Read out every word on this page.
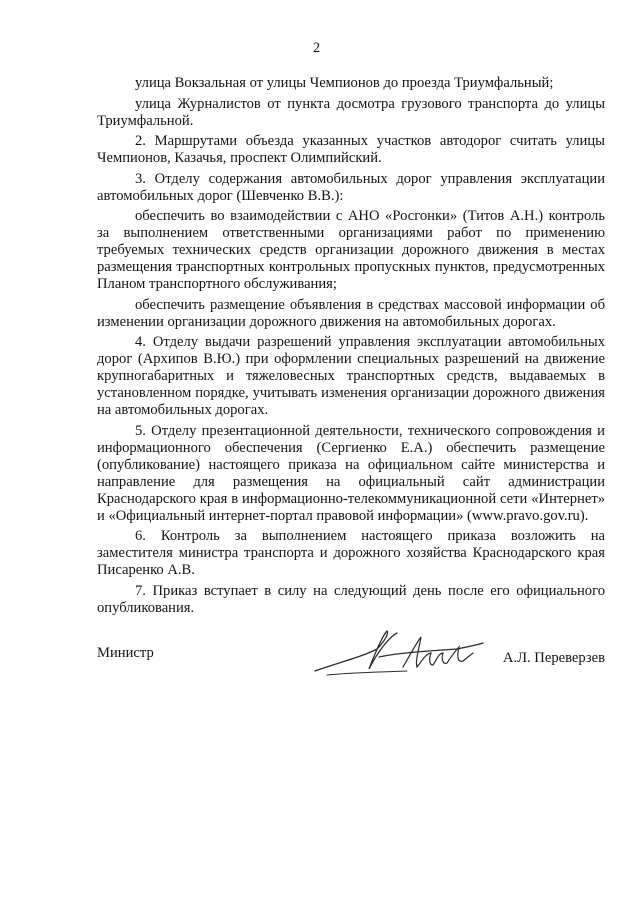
2

улица Вокзальная от улицы Чемпионов до проезда Триумфальный;

улица Журналистов от пункта досмотра грузового транспорта до улицы Триумфальной.

2. Маршрутами объезда указанных участков автодорог считать улицы Чемпионов, Казачья, проспект Олимпийский.

3. Отделу содержания автомобильных дорог управления эксплуатации автомобильных дорог (Шевченко В.В.):

обеспечить во взаимодействии с АНО «Росгонки» (Титов А.Н.) контроль за выполнением ответственными организациями работ по применению требуемых технических средств организации дорожного движения в местах размещения транспортных контрольных пропускных пунктов, предусмотренных Планом транспортного обслуживания;

обеспечить размещение объявления в средствах массовой информации об изменении организации дорожного движения на автомобильных дорогах.

4. Отделу выдачи разрешений управления эксплуатации автомобильных дорог (Архипов В.Ю.) при оформлении специальных разрешений на движение крупногабаритных и тяжеловесных транспортных средств, выдаваемых в установленном порядке, учитывать изменения организации дорожного движения на автомобильных дорогах.

5. Отделу презентационной деятельности, технического сопровождения и информационного обеспечения (Сергиенко Е.А.) обеспечить размещение (опубликование) настоящего приказа на официальном сайте министерства и направление для размещения на официальный сайт администрации Краснодарского края в информационно-телекоммуникационной сети «Интернет» и «Официальный интернет-портал правовой информации» (www.pravo.gov.ru).

6. Контроль за выполнением настоящего приказа возложить на заместителя министра транспорта и дорожного хозяйства Краснодарского края Писаренко А.В.

7. Приказ вступает в силу на следующий день после его официального опубликования.

Министр	А.Л. Переверзев
